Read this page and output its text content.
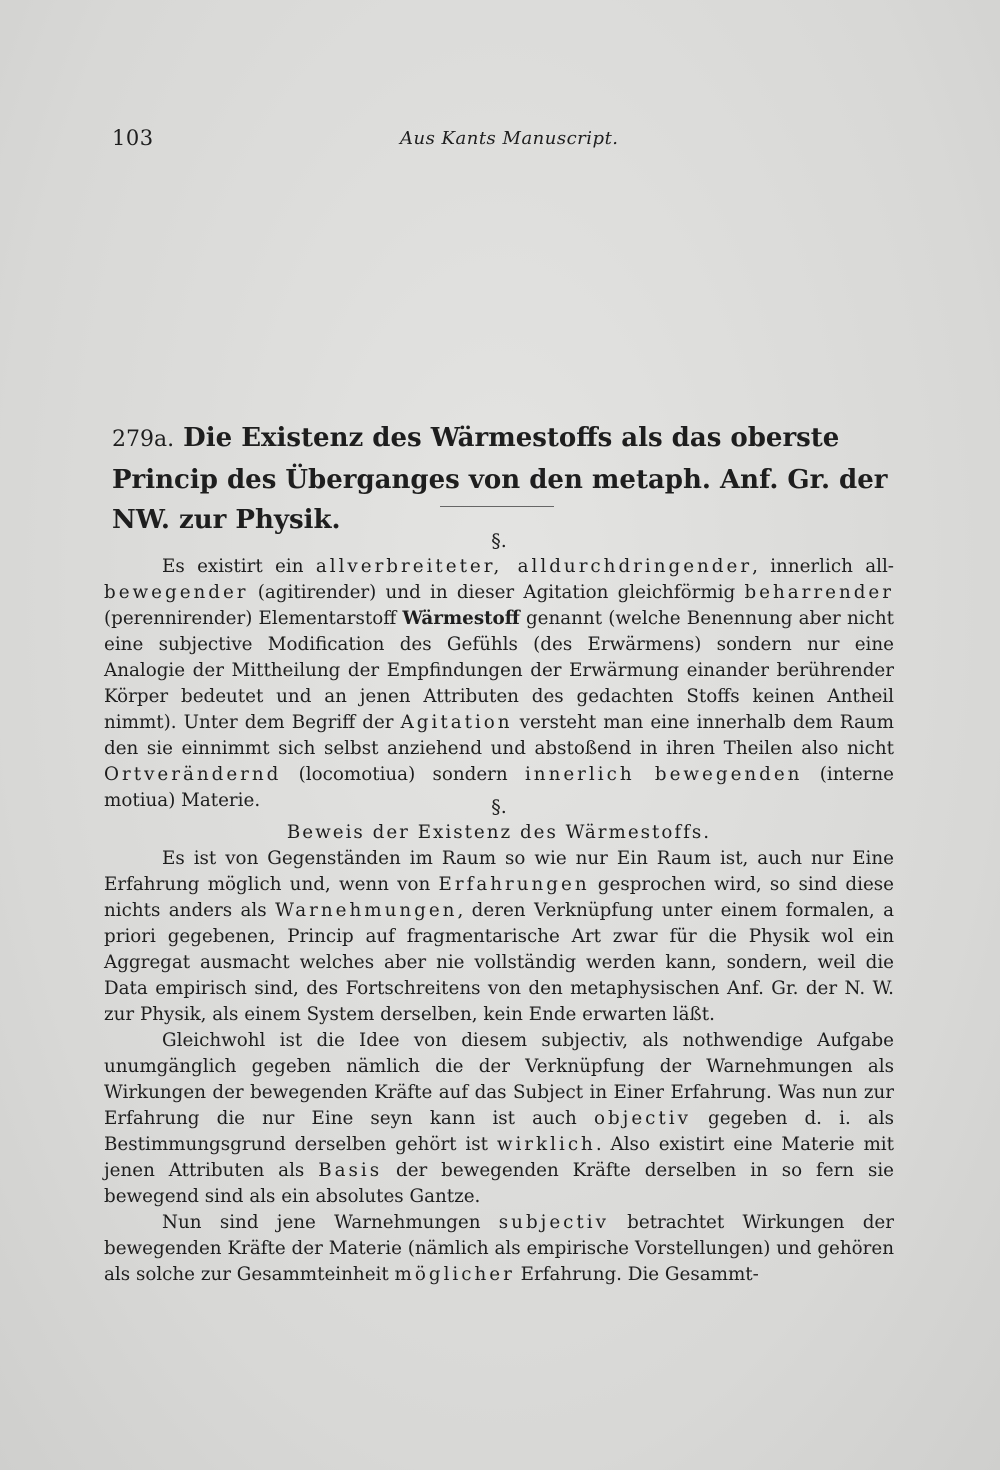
103	Aus Kants Manuscript.
279a. Die Existenz des Wärmestoffs als das oberste Princip des Überganges von den metaph. Anf. Gr. der NW. zur Physik.
§.

Es existirt ein allverbreiteter, alldurchdringender, innerlich all-bewegender (agitirender) und in dieser Agitation gleichförmig beharrender (perennirender) Elementarstoff Wärmestoff genannt (welche Benennung aber nicht eine subjective Modification des Gefühls (des Erwärmens) sondern nur eine Analogie der Mittheilung der Empfindungen der Erwärmung einander berührender Körper bedeutet und an jenen Attributen des gedachten Stoffs keinen Antheil nimmt). Unter dem Begriff der Agitation versteht man eine innerhalb dem Raum den sie einnimmt sich selbst anziehend und abstoßend in ihren Theilen also nicht Ortverändernd (locomotiua) sondern innerlich bewegenden (interne motiua) Materie.	§.
Beweis der Existenz des Wärmestoffs.

Es ist von Gegenständen im Raum so wie nur Ein Raum ist, auch nur Eine Erfahrung möglich und, wenn von Erfahrungen gesprochen wird, so sind diese nichts anders als Warnehmungen, deren Verknüpfung unter einem formalen, a priori gegebenen, Princip auf fragmentarische Art zwar für die Physik wol ein Aggregat ausmacht welches aber nie vollständig werden kann, sondern, weil die Data empirisch sind, des Fortschreitens von den metaphysischen Anf. Gr. der N. W. zur Physik, als einem System derselben, kein Ende erwarten läßt.

Gleichwohl ist die Idee von diesem subjectiv, als nothwendige Aufgabe unumgänglich gegeben nämlich die der Verknüpfung der Warnehmungen als Wirkungen der bewegenden Kräfte auf das Subject in Einer Erfahrung. Was nun zur Erfahrung die nur Eine seyn kann ist auch objectiv gegeben d. i. als Bestimmungsgrund derselben gehört ist wirklich. Also existirt eine Materie mit jenen Attributen als Basis der bewegenden Kräfte derselben in so fern sie bewegend sind als ein absolutes Gantze.

Nun sind jene Warnehmungen subjectiv betrachtet Wirkungen der bewegenden Kräfte der Materie (nämlich als empirische Vorstellungen) und gehören als solche zur Gesammteinheit möglicher Erfahrung. Die Gesammt-
